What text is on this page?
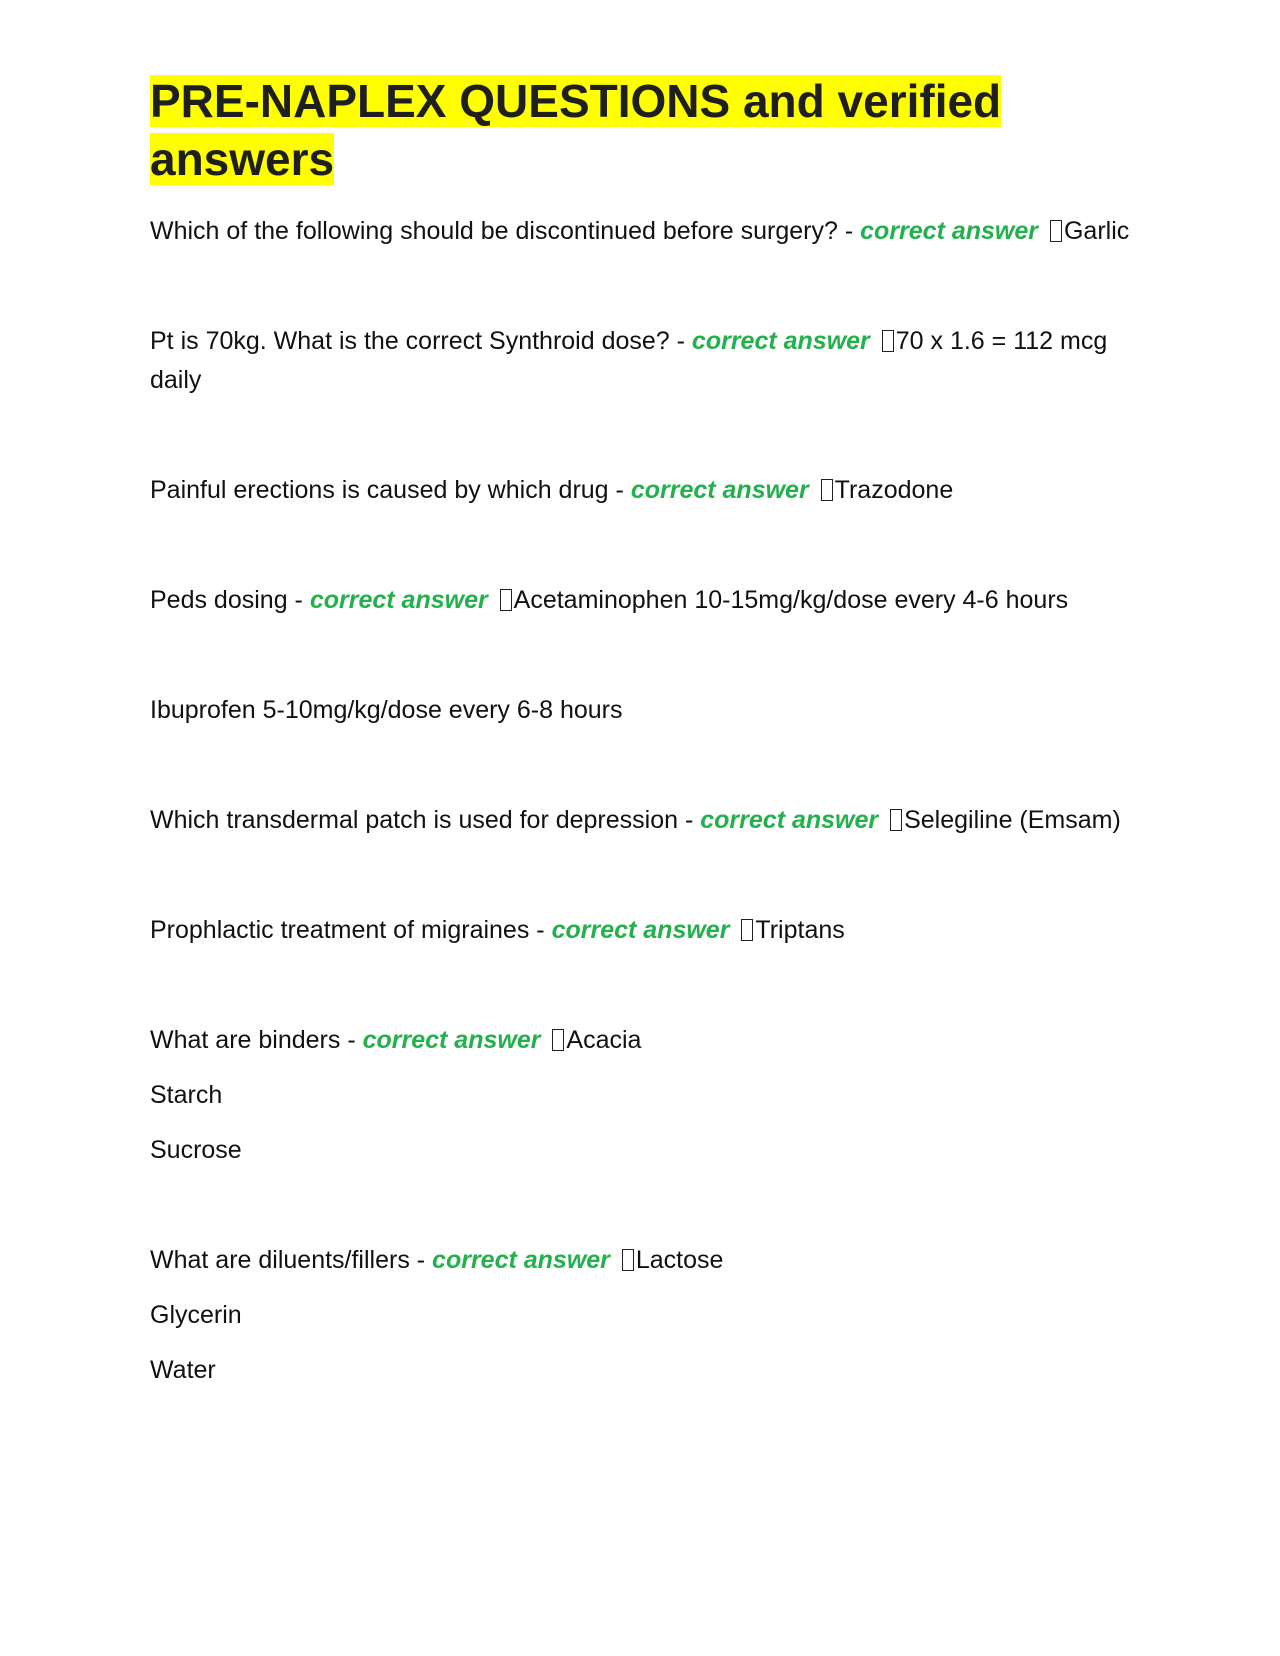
PRE-NAPLEX QUESTIONS and verified answers

Which of the following should be discontinued before surgery? - correct answer Garlic

Pt is 70kg. What is the correct Synthroid dose? - correct answer 70 x 1.6 = 112 mcg daily

Painful erections is caused by which drug - correct answer Trazodone

Peds dosing - correct answer Acetaminophen 10-15mg/kg/dose every 4-6 hours

Ibuprofen 5-10mg/kg/dose every 6-8 hours

Which transdermal patch is used for depression - correct answer Selegiline (Emsam)

Prophlactic treatment of migraines - correct answer Triptans

What are binders - correct answer Acacia
Starch
Sucrose

What are diluents/fillers - correct answer Lactose
Glycerin
Water
